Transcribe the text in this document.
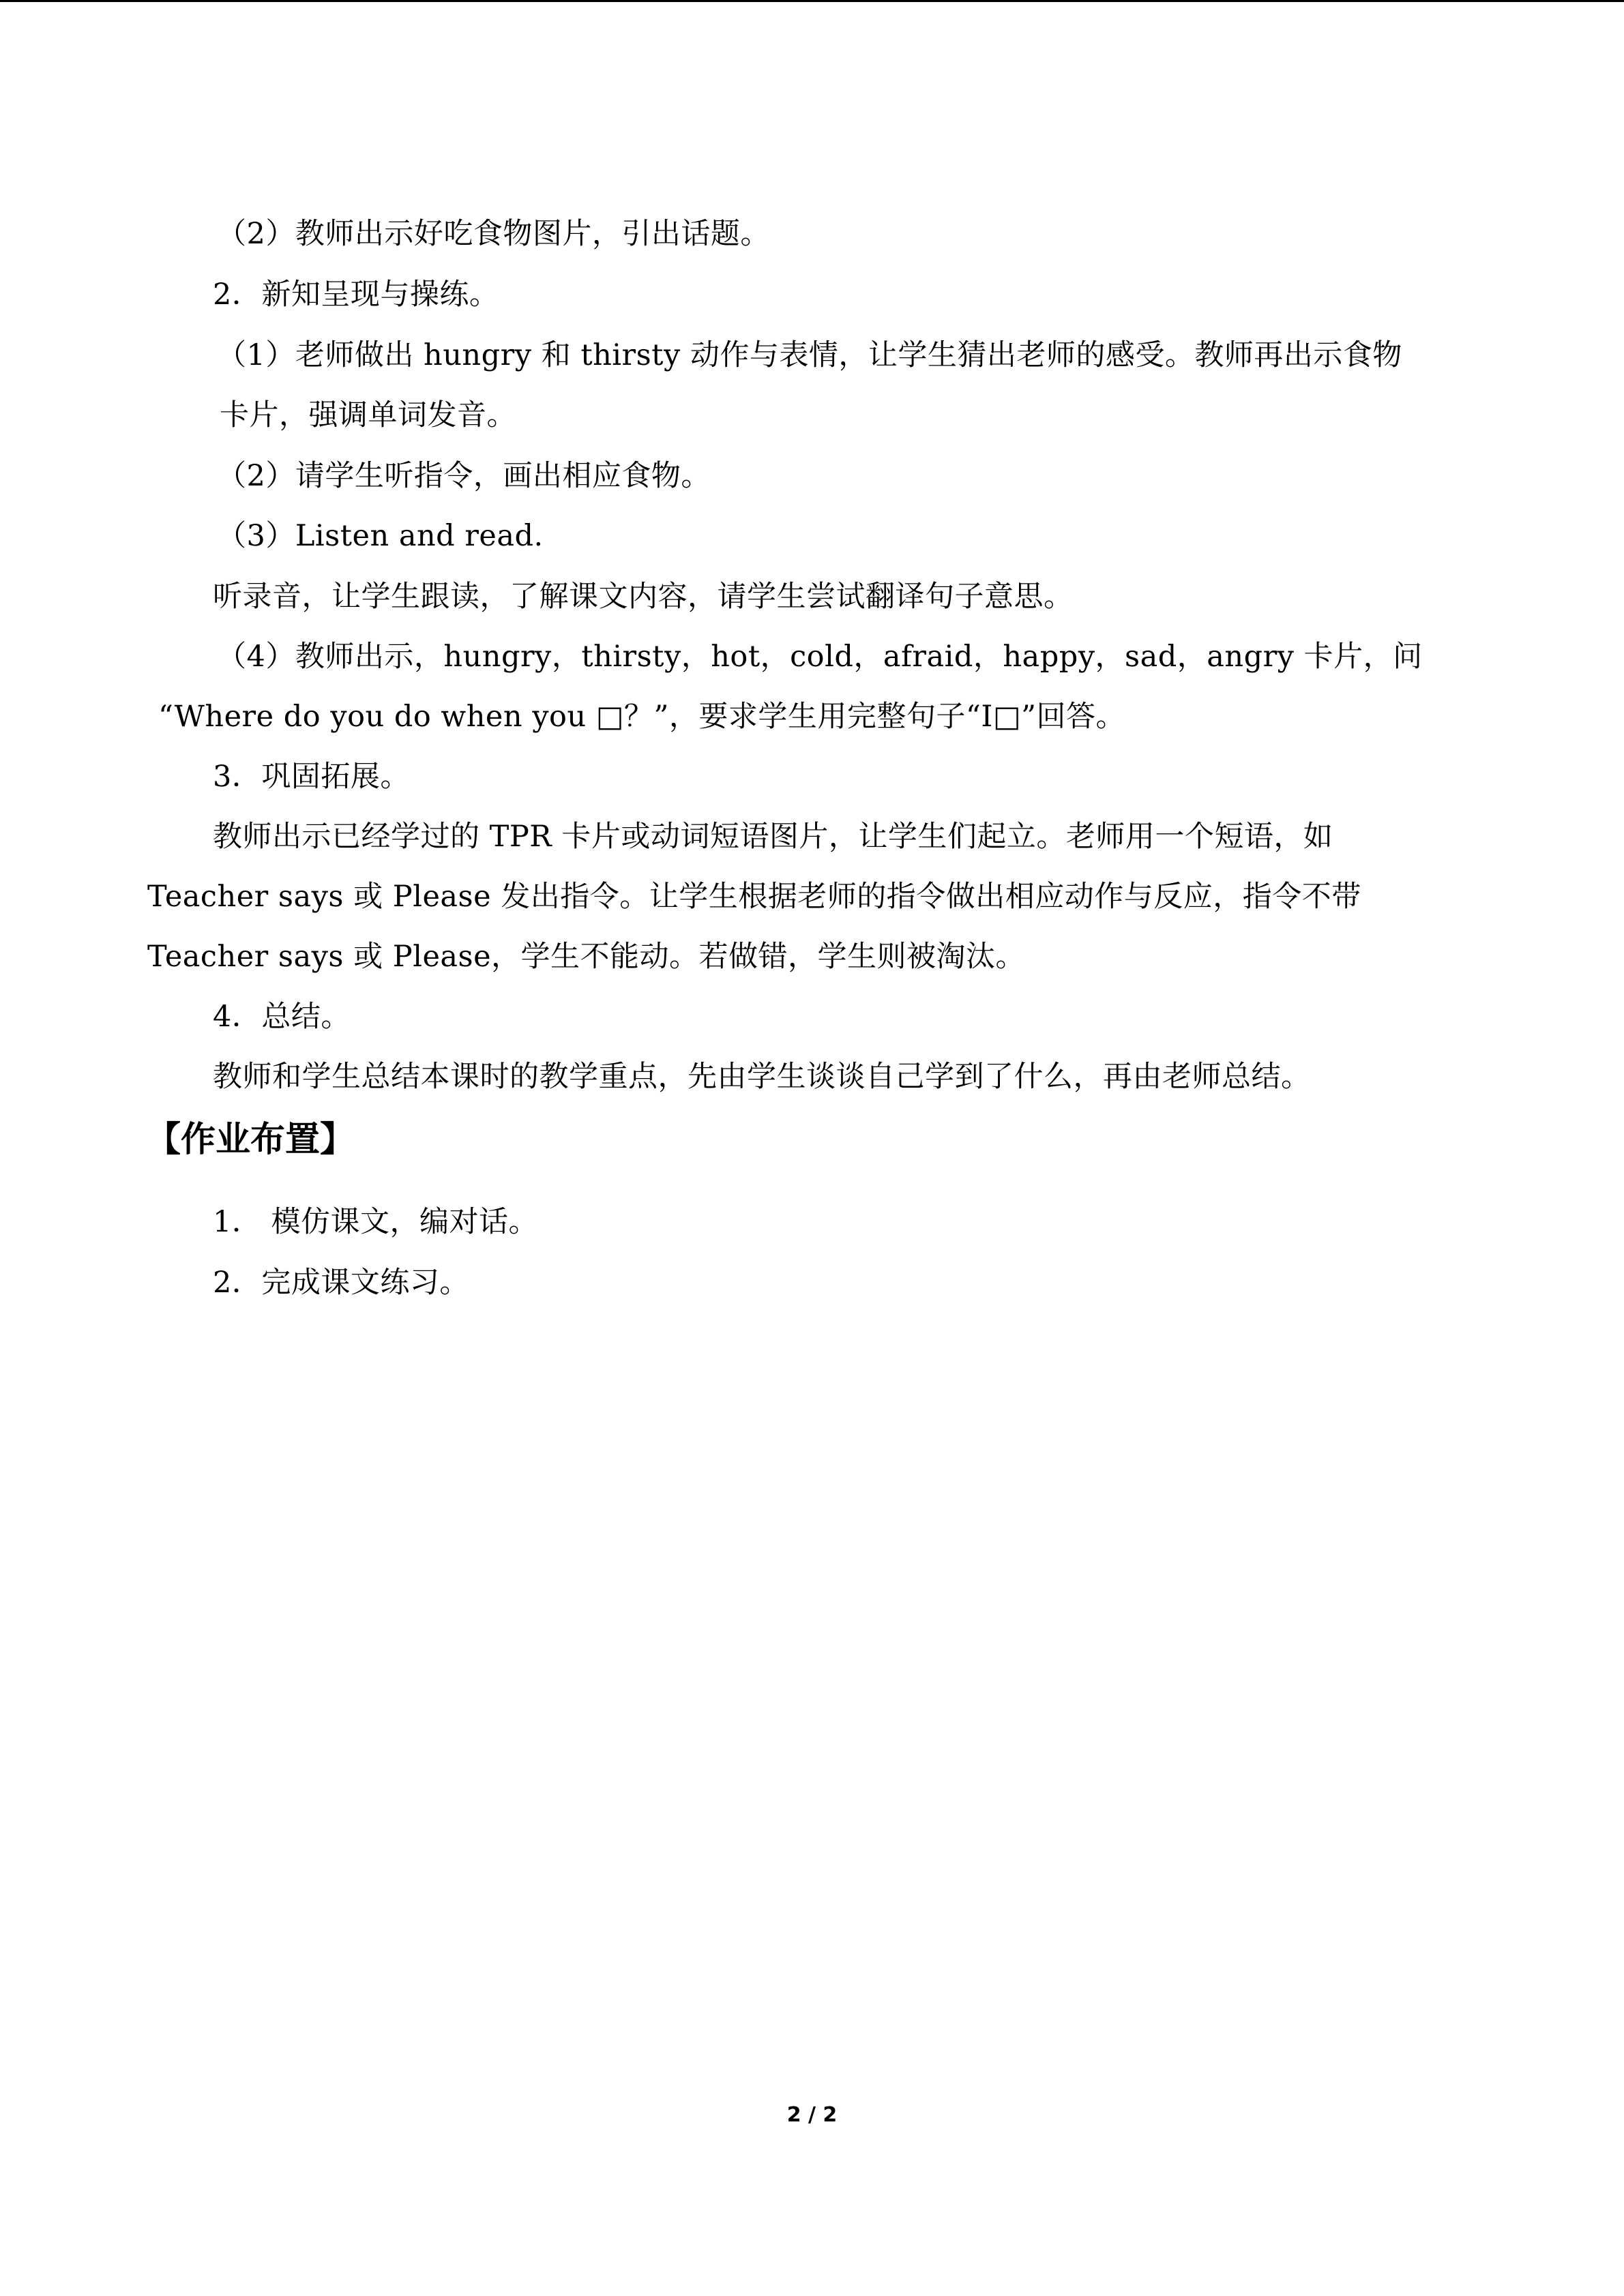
（2）教师出示好吃食物图片，引出话题。
2．新知呈现与操练。
（1）老师做出 hungry 和 thirsty 动作与表情，让学生猜出老师的感受。教师再出示食物
卡片，强调单词发音。
（2）请学生听指令，画出相应食物。
（3）Listen and read.
听录音，让学生跟读，了解课文内容，请学生尝试翻译句子意思。
（4）教师出示，hungry，thirsty，hot，cold，afraid，happy，sad，angry 卡片，问
“Where do you do when you □？”，要求学生用完整句子“I□”回答。
3．巩固拓展。
教师出示已经学过的 TPR 卡片或动词短语图片，让学生们起立。老师用一个短语，如
Teacher says 或 Please 发出指令。让学生根据老师的指令做出相应动作与反应，指令不带
Teacher says 或 Please，学生不能动。若做错，学生则被淘汰。
4．总结。
教师和学生总结本课时的教学重点，先由学生谈谈自己学到了什么，再由老师总结。
【作业布置】
1． 模仿课文，编对话。
2．完成课文练习。
2 / 2
